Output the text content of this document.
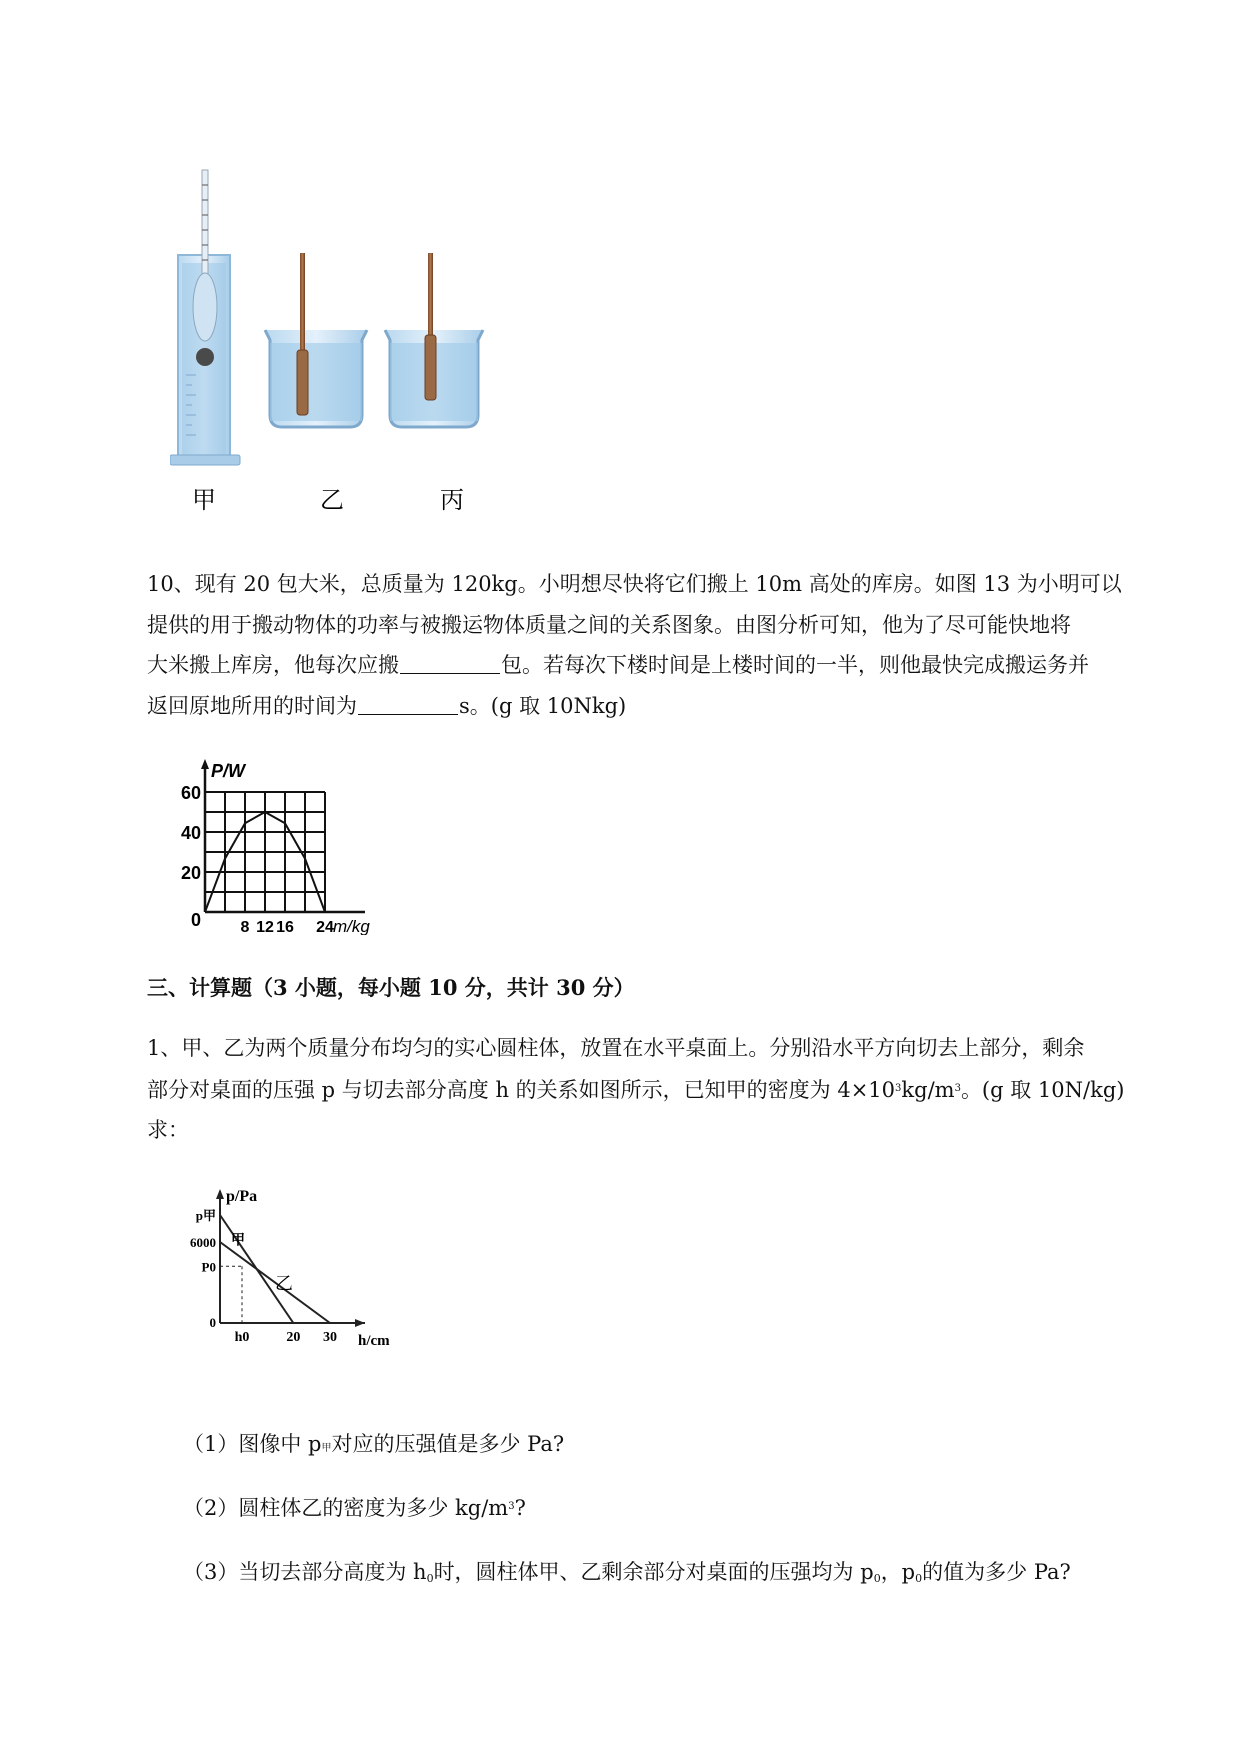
甲	乙	丙
10、现有 20 包大米，总质量为 120kg。小明想尽快将它们搬上 10m 高处的库房。如图 13 为小明可以
提供的用于搬动物体的功率与被搬运物体质量之间的关系图象。由图分析可知，他为了尽可能快地将
大米搬上库房，他每次应搬	包。若每次下楼时间是上楼时间的一半，则他最快完成搬运务并
返回原地所用的时间为	s。(g 取 10Nkg)
P/W
m/kg
60
40
20
0 8 12 16 24
三、计算题（3 小题，每小题 10 分，共计 30 分）
1、甲、乙为两个质量分布均匀的实心圆柱体，放置在水平桌面上。分别沿水平方向切去上部分，剩余
部分对桌面的压强 p 与切去部分高度 h 的关系如图所示，已知甲的密度为 $4\times 10^3kg/m^3$。(g 取 10N/kg)
求：
p/Pa
h/cm
p甲
6000
P0
0
h0	20 30
甲
乙
（1）图像中 p甲对应的压强值是多少 Pa?
（2）圆柱体乙的密度为多少 $kg/m^3$?
（3）当切去部分高度为 $h_0$时，圆柱体甲、乙剩余部分对桌面的压强均为 $p_0$，$p_0$的值为多少 Pa?
